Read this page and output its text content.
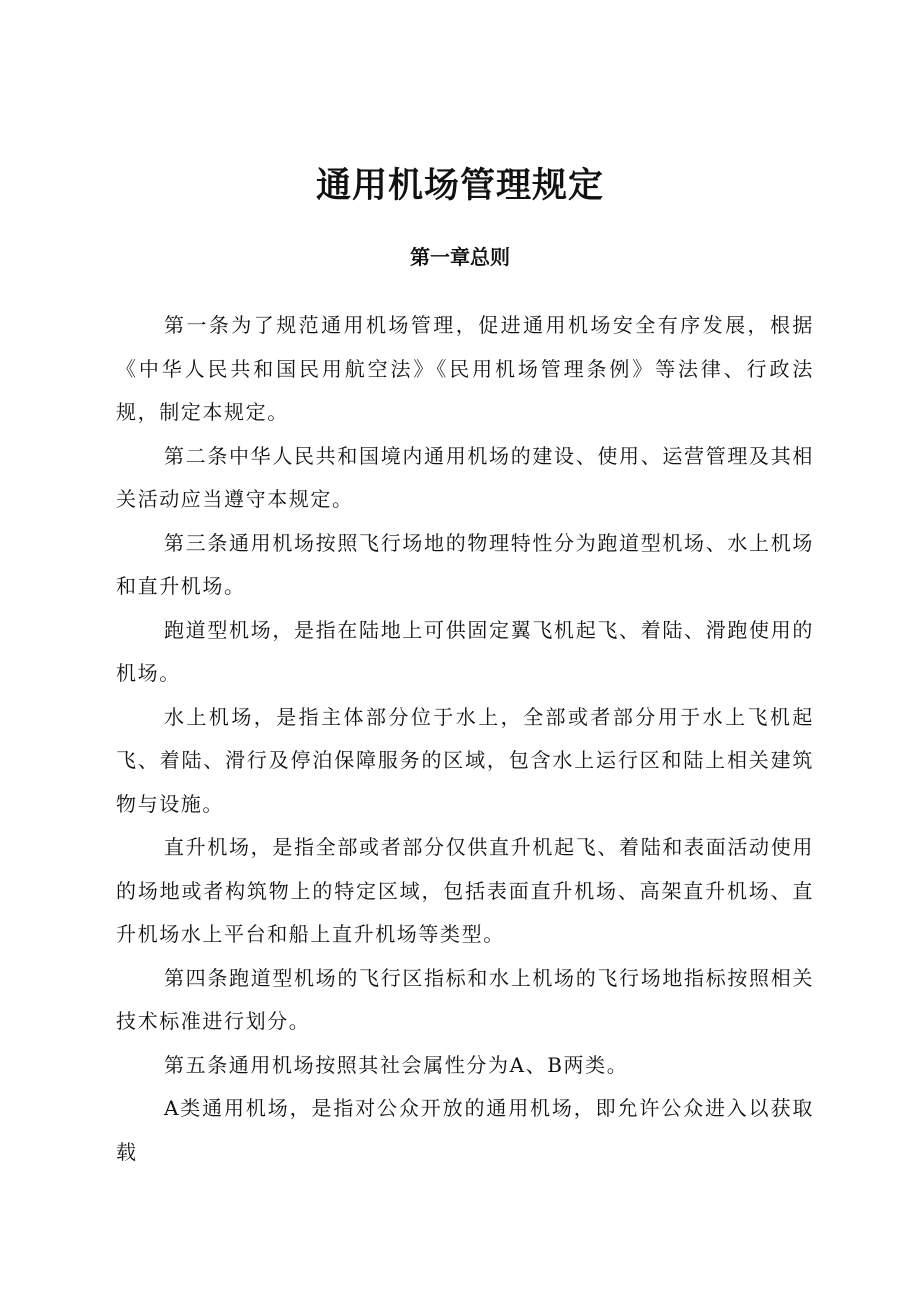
通用机场管理规定
第一章总则

第一条为了规范通用机场管理，促进通用机场安全有序发展，根据《中华人民共和国民用航空法》《民用机场管理条例》等法律、行政法规，制定本规定。

第二条中华人民共和国境内通用机场的建设、使用、运营管理及其相关活动应当遵守本规定。

第三条通用机场按照飞行场地的物理特性分为跑道型机场、水上机场和直升机场。

跑道型机场，是指在陆地上可供固定翼飞机起飞、着陆、滑跑使用的机场。

水上机场，是指主体部分位于水上，全部或者部分用于水上飞机起飞、着陆、滑行及停泊保障服务的区域，包含水上运行区和陆上相关建筑物与设施。

直升机场，是指全部或者部分仅供直升机起飞、着陆和表面活动使用的场地或者构筑物上的特定区域，包括表面直升机场、高架直升机场、直升机场水上平台和船上直升机场等类型。

第四条跑道型机场的飞行区指标和水上机场的飞行场地指标按照相关技术标准进行划分。

第五条通用机场按照其社会属性分为A、B两类。

A类通用机场，是指对公众开放的通用机场，即允许公众进入以获取载
